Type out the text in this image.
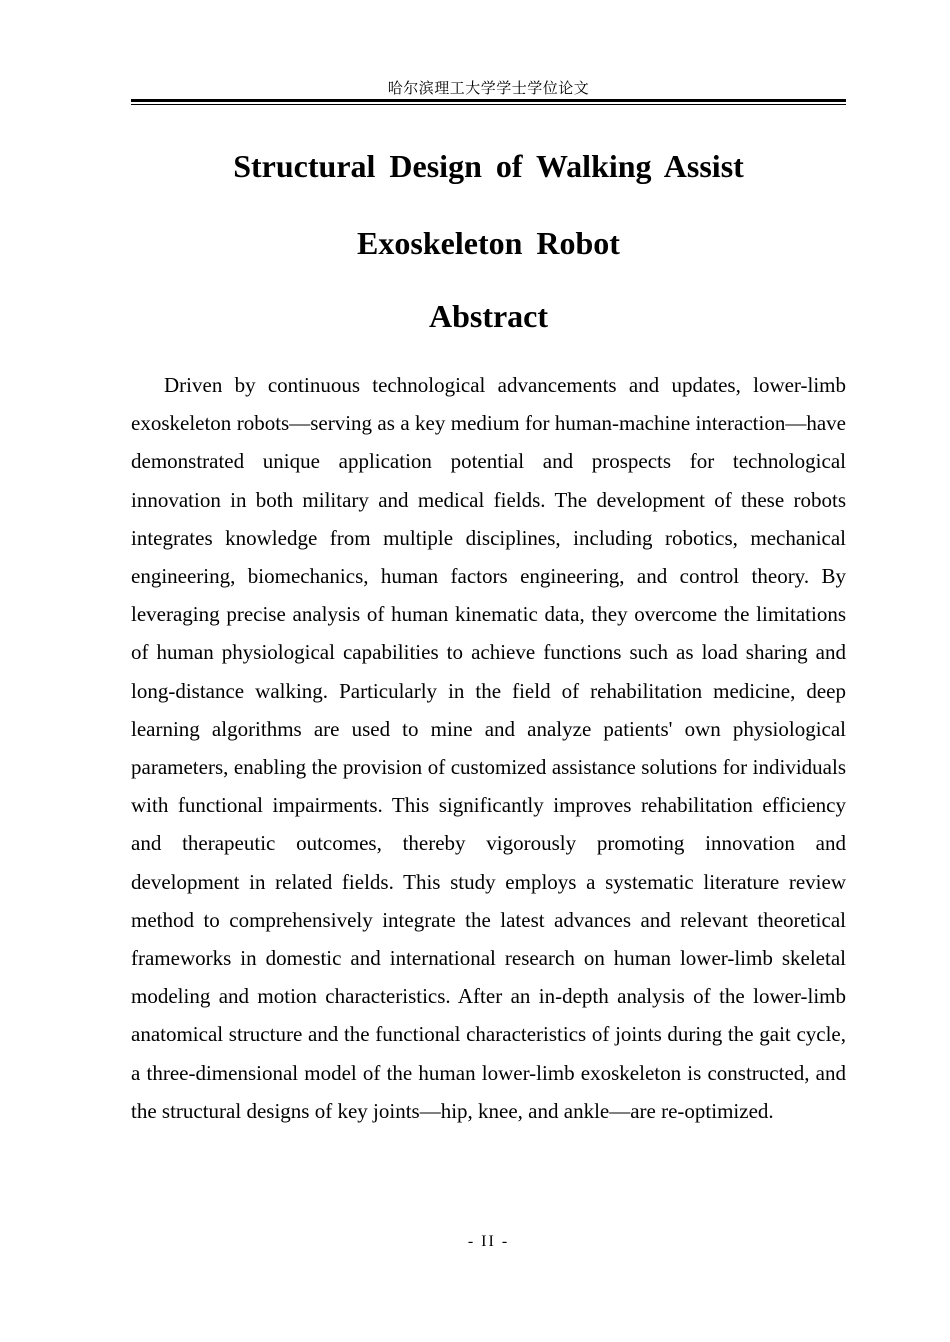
哈尔滨理工大学学士学位论文
Structural Design of Walking Assist
Exoskeleton Robot
Abstract

Driven by continuous technological advancements and updates, lower-limb exoskeleton robots—serving as a key medium for human-machine interaction—have demonstrated unique application potential and prospects for technological innovation in both military and medical fields. The development of these robots integrates knowledge from multiple disciplines, including robotics, mechanical engineering, biomechanics, human factors engineering, and control theory. By leveraging precise analysis of human kinematic data, they overcome the limitations of human physiological capabilities to achieve functions such as load sharing and long-distance walking. Particularly in the field of rehabilitation medicine, deep learning algorithms are used to mine and analyze patients' own physiological parameters, enabling the provision of customized assistance solutions for individuals with functional impairments. This significantly improves rehabilitation efficiency and therapeutic outcomes, thereby vigorously promoting innovation and development in related fields. This study employs a systematic literature review method to comprehensively integrate the latest advances and relevant theoretical frameworks in domestic and international research on human lower-limb skeletal modeling and motion characteristics. After an in-depth analysis of the lower-limb anatomical structure and the functional characteristics of joints during the gait cycle, a three-dimensional model of the human lower-limb exoskeleton is constructed, and the structural designs of key joints—hip, knee, and ankle—are re-optimized.

- II -
